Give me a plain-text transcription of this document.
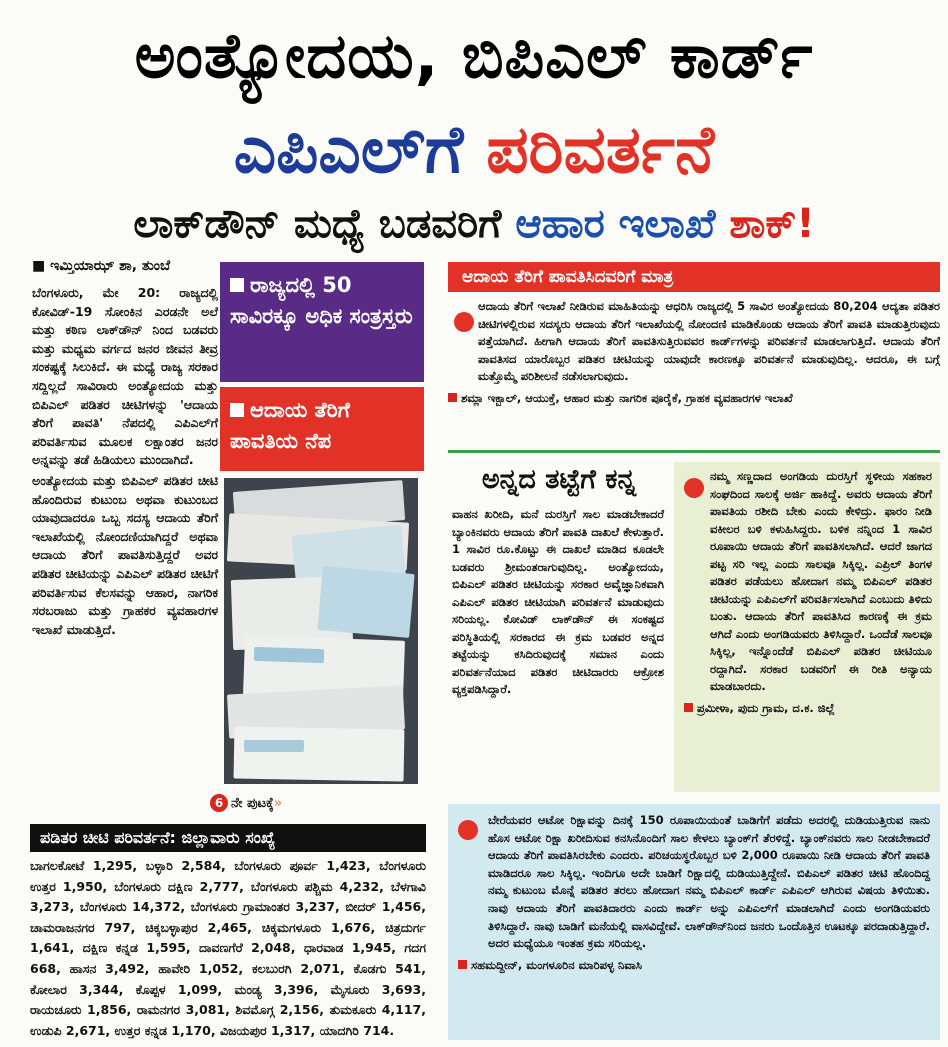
ಅಂತ್ಯೋದಯ, ಬಿಪಿಎಲ್ ಕಾರ್ಡ್
ಎಪಿಎಲ್‌ಗೆ ಪರಿವರ್ತನೆ
ಲಾಕ್‌ಡೌನ್ ಮಧ್ಯೆ ಬಡವರಿಗೆ ಆಹಾರ ಇಲಾಖೆ ಶಾಕ್!
■ ಇಮ್ತಿಯಾಝ್ ಶಾ, ತುಂಬೆ

ಬೆಂಗಳೂರು, ಮೇ 20: ರಾಜ್ಯದಲ್ಲಿ ಕೋವಿಡ್-19 ಸೋಂಕಿನ ಎರಡನೇ ಅಲೆ ಮತ್ತು ಕಠಿಣ ಲಾಕ್‌ಡೌನ್ ನಿಂದ ಬಡವರು ಮತ್ತು ಮಧ್ಯಮ ವರ್ಗದ ಜನರ ಜೀವನ ತೀವ್ರ ಸಂಕಷ್ಟಕ್ಕೆ ಸಿಲುಕಿದೆ. ಈ ಮಧ್ಯೆ ರಾಜ್ಯ ಸರಕಾರ ಸದ್ದಿಲ್ಲದೆ ಸಾವಿರಾರು ಅಂತ್ಯೋದಯ ಮತ್ತು ಬಿಪಿಎಲ್ ಪಡಿತರ ಚೀಟಿಗಳನ್ನು 'ಆದಾಯ ತೆರಿಗೆ ಪಾವತಿ' ನೆಪದಲ್ಲಿ ಎಪಿಎಲ್‌ಗೆ ಪರಿವರ್ತಿಸುವ ಮೂಲಕ ಲಕ್ಷಾಂತರ ಜನರ ಅನ್ನವನ್ನು ತಡೆ ಹಿಡಿಯಲು ಮುಂದಾಗಿದೆ.

ಅಂತ್ಯೋದಯ ಮತ್ತು ಬಿಪಿಎಲ್ ಪಡಿತರ ಚೀಟಿ ಹೊಂದಿರುವ ಕುಟುಂಬ ಅಥವಾ ಕುಟುಂಬದ ಯಾವುದಾದರೂ ಒಬ್ಬ ಸದಸ್ಯ ಆದಾಯ ತೆರಿಗೆ ಇಲಾಖೆಯಲ್ಲಿ ನೋಂದಣಿಯಾಗಿದ್ದರೆ ಅಥವಾ ಆದಾಯ ತೆರಿಗೆ ಪಾವತಿಸುತ್ತಿದ್ದರೆ ಅವರ ಪಡಿತರ ಚೀಟಿಯನ್ನು ಎಪಿಎಲ್ ಪಡಿತರ ಚೀಟಿಗೆ ಪರಿವರ್ತಿಸುವ ಕೆಲಸವನ್ನು ಆಹಾರ, ನಾಗರಿಕ ಸರಬರಾಜು ಮತ್ತು ಗ್ರಾಹಕರ ವ್ಯವಹಾರಗಳ ಇಲಾಖೆ ಮಾಡುತ್ತಿದೆ.

6 ನೇ ಪುಟಕ್ಕೆ»
ರಾಜ್ಯದಲ್ಲಿ 50 ಸಾವಿರಕ್ಕೂ ಅಧಿಕ ಸಂತ್ರಸ್ತರು
ಆದಾಯ ತೆರಿಗೆ ಪಾವತಿಯ ನೆಪ
ಆದಾಯ ತೆರಿಗೆ ಪಾವತಿಸಿದವರಿಗೆ ಮಾತ್ರ
ಆದಾಯ ತೆರಿಗೆ ಇಲಾಖೆ ನೀಡಿರುವ ಮಾಹಿತಿಯನ್ನು ಆಧರಿಸಿ ರಾಜ್ಯದಲ್ಲಿ 5 ಸಾವಿರ ಅಂತ್ಯೋದಯ 80,204 ಆದ್ಯತಾ ಪಡಿತರ ಚೀಟಿಗಳಲ್ಲಿರುವ ಸದಸ್ಯರು ಆದಾಯ ತೆರಿಗೆ ಇಲಾಖೆಯಲ್ಲಿ ನೋಂದಣಿ ಮಾಡಿಕೊಂಡು ಆದಾಯ ತೆರಿಗೆ ಪಾವತಿ ಮಾಡುತ್ತಿರುವುದು ಪತ್ತೆಯಾಗಿದೆ. ಹೀಗಾಗಿ ಆದಾಯ ತೆರಿಗೆ ಪಾವತಿಸುತ್ತಿರುವವರ ಕಾರ್ಡ್‌ಗಳನ್ನು ಪರಿವರ್ತನೆ ಮಾಡಲಾಗುತ್ತಿದೆ. ಆದಾಯ ತೆರಿಗೆ ಪಾವತಿಸದ ಯಾರೊಬ್ಬರ ಪಡಿತರ ಚೀಟಿಯನ್ನು ಯಾವುದೇ ಕಾರಣಕ್ಕೂ ಪರಿವರ್ತನೆ ಮಾಡುವುದಿಲ್ಲ. ಆದರೂ, ಈ ಬಗ್ಗೆ ಮತ್ತೊಮ್ಮೆ ಪರಿಶೀಲನೆ ನಡೆಸಲಾಗುವುದು.
ಶಮ್ಲಾ ಇಕ್ಬಾಲ್, ಆಯುಕ್ತೆ, ಆಹಾರ ಮತ್ತು ನಾಗರಿಕ ಪೂರೈಕೆ, ಗ್ರಾಹಕ ವ್ಯವಹಾರಗಳ ಇಲಾಖೆ
ಅನ್ನದ ತಟ್ಟೆಗೆ ಕನ್ನ
ವಾಹನ ಖರೀದಿ, ಮನೆ ದುರಸ್ತಿಗೆ ಸಾಲ ಮಾಡಬೇಕಾದರೆ ಬ್ಯಾಂಕಿನವರು ಆದಾಯ ತೆರಿಗೆ ಪಾವತಿ ದಾಖಲೆ ಕೇಳುತ್ತಾರೆ. 1 ಸಾವಿರ ರೂ.ಕೊಟ್ಟು ಈ ದಾಖಲೆ ಮಾಡಿದ ಕೂಡಲೇ ಬಡವರು ಶ್ರೀಮಂತರಾಗುವುದಿಲ್ಲ. ಅಂತ್ಯೋದಯ, ಬಿಪಿಎಲ್ ಪಡಿತರ ಚೀಟಿಯನ್ನು ಸರಕಾರ ಅವೈಜ್ಞಾನಿಕವಾಗಿ ಎಪಿಎಲ್ ಪಡಿತರ ಚೀಟಿಯಾಗಿ ಪರಿವರ್ತನೆ ಮಾಡುವುದು ಸರಿಯಲ್ಲ. ಕೋವಿಡ್ ಲಾಕ್‌ಡೌನ್ ಈ ಸಂಕಷ್ಟದ ಪರಿಸ್ಥಿತಿಯಲ್ಲಿ ಸರಕಾರದ ಈ ಕ್ರಮ ಬಡವರ ಅನ್ನದ ತಟ್ಟೆಯನ್ನು ಕಸಿದಿರುವುದಕ್ಕೆ ಸಮಾನ ಎಂದು ಪರಿವರ್ತನೆಯಾದ ಪಡಿತರ ಚೀಟಿದಾರರು ಆಕ್ರೋಶ ವ್ಯಕ್ತಪಡಿಸಿದ್ದಾರೆ.
ನಮ್ಮ ಸಣ್ಣದಾದ ಅಂಗಡಿಯ ದುರಸ್ತಿಗೆ ಸ್ಥಳೀಯ ಸಹಕಾರ ಸಂಘದಿಂದ ಸಾಲಕ್ಕೆ ಅರ್ಜಿ ಹಾಕಿದ್ದೆ. ಅವರು ಆದಾಯ ತೆರಿಗೆ ಪಾವತಿಯ ರಶೀದಿ ಬೇಕು ಎಂದು ಕೇಳಿದ್ರು. ಫಾರಂ ನೀಡಿ ವಕೀಲರ ಬಳಿ ಕಳುಹಿಸಿದ್ದರು. ಬಳಿಕ ನನ್ನಿಂದ 1 ಸಾವಿರ ರೂಪಾಯಿ ಆದಾಯ ತೆರಿಗೆ ಪಾವತಿಸಲಾಗಿದೆ. ಆದರೆ ಜಾಗದ ಪಟ್ಟ ಸರಿ ಇಲ್ಲ ಎಂದು ಸಾಲವೂ ಸಿಕ್ಕಿಲ್ಲ. ಎಪ್ರಿಲ್ ತಿಂಗಳ ಪಡಿತರ ಪಡೆಯಲು ಹೋದಾಗ ನಮ್ಮ ಬಿಪಿಎಲ್ ಪಡಿತರ ಚೀಟಿಯನ್ನು ಎಪಿಎಲ್‌ಗೆ ಪರಿವರ್ತಿಸಲಾಗಿದೆ ಎಂಬುದು ತಿಳಿದು ಬಂತು. ಆದಾಯ ತೆರಿಗೆ ಪಾವತಿಸಿದ ಕಾರಣಕ್ಕೆ ಈ ಕ್ರಮ ಆಗಿದೆ ಎಂದು ಅಂಗಡಿಯವರು ತಿಳಿಸಿದ್ದಾರೆ. ಒಂದೆಡೆ ಸಾಲವೂ ಸಿಕ್ಕಿಲ್ಲ, ಇನ್ನೊಂದೆಡೆ ಬಿಪಿಎಲ್ ಪಡಿತರ ಚೀಟಿಯೂ ರದ್ದಾಗಿದೆ. ಸರಕಾರ ಬಡವರಿಗೆ ಈ ರೀತಿ ಅನ್ಯಾಯ ಮಾಡಬಾರದು.
ಪ್ರಮೀಳಾ, ಪುದು ಗ್ರಾಮ, ದ.ಕ. ಜಿಲ್ಲೆ
ಬೇರೆಯವರ ಆಟೋ ರಿಕ್ಷಾವನ್ನು ದಿನಕ್ಕೆ 150 ರೂಪಾಯಿಯಂತೆ ಬಾಡಿಗೆಗೆ ಪಡೆದು ಅದರಲ್ಲಿ ದುಡಿಯುತ್ತಿರುವ ನಾನು ಹೊಸ ಆಟೋ ರಿಕ್ಷಾ ಖರೀದಿಸುವ ಕನಸಿನೊಂದಿಗೆ ಸಾಲ ಕೇಳಲು ಬ್ಯಾಂಕ್‌ಗೆ ತೆರಳಿದ್ದೆ. ಬ್ಯಾಂಕ್‌ನವರು ಸಾಲ ನೀಡಬೇಕಾದರೆ ಆದಾಯ ತೆರಿಗೆ ಪಾವತಿಸಿರಬೇಕು ಎಂದರು. ಪರಿಚಯಸ್ಥರೊಬ್ಬರ ಬಳಿ 2,000 ರೂಪಾಯಿ ನೀಡಿ ಆದಾಯ ತೆರಿಗೆ ಪಾವತಿ ಮಾಡಿದರೂ ಸಾಲ ಸಿಕ್ಕಿಲ್ಲ. ಇಂದಿಗೂ ಅದೇ ಬಾಡಿಗೆ ರಿಕ್ಷಾದಲ್ಲಿ ದುಡಿಯುತ್ತಿದ್ದೇನೆ. ಬಿಪಿಎಲ್ ಪಡಿತರ ಚೀಟಿ ಹೊಂದಿದ್ದ ನಮ್ಮ ಕುಟುಂಬ ಮೊನ್ನೆ ಪಡಿತರ ತರಲು ಹೋದಾಗ ನಮ್ಮ ಬಿಪಿಎಲ್ ಕಾರ್ಡ್ ಎಪಿಎಲ್ ಆಗಿರುವ ವಿಷಯ ತಿಳಿಯಿತು. ನಾವು ಆದಾಯ ತೆರಿಗೆ ಪಾವತಿದಾರರು ಎಂದು ಕಾರ್ಡ್ ಅನ್ನು ಎಪಿಎಲ್‌ಗೆ ಮಾಡಲಾಗಿದೆ ಎಂದು ಅಂಗಡಿಯವರು ತಿಳಿಸಿದ್ದಾರೆ. ನಾವು ಬಾಡಿಗೆ ಮನೆಯಲ್ಲಿ ವಾಸವಿದ್ದೇವೆ. ಲಾಕ್‌ಡೌನ್‌ನಿಂದ ಜನರು ಒಂದೊತ್ತಿನ ಊಟಕ್ಕೂ ಪರದಾಡುತ್ತಿದ್ದಾರೆ. ಅದರ ಮಧ್ಯೆಯೂ ಇಂತಹ ಕ್ರಮ ಸರಿಯಲ್ಲ.
ಸಹಮದ್ದೀನ್, ಮಂಗಳೂರಿನ ಮಾರಿಪಳ್ಳ ನಿವಾಸಿ
ಪಡಿತರ ಚೀಟಿ ಪರಿವರ್ತನೆ: ಜಿಲ್ಲಾವಾರು ಸಂಖ್ಯೆ
ಬಾಗಲಕೋಟೆ 1,295, ಬಳ್ಳಾರಿ 2,584, ಬೆಂಗಳೂರು ಪೂರ್ವ 1,423, ಬೆಂಗಳೂರು ಉತ್ತರ 1,950, ಬೆಂಗಳೂರು ದಕ್ಷಿಣ 2,777, ಬೆಂಗಳೂರು ಪಶ್ಚಿಮ 4,232, ಬೆಳಗಾವಿ 3,273, ಬೆಂಗಳೂರು 14,372, ಬೆಂಗಳೂರು ಗ್ರಾಮಾಂತರ 3,237, ಬೀದರ್ 1,456, ಚಾಮರಾಜನಗರ 797, ಚಿಕ್ಕಬಳ್ಳಾಪುರ 2,465, ಚಿಕ್ಕಮಗಳೂರು 1,676, ಚಿತ್ರದುರ್ಗ 1,641, ದಕ್ಷಿಣ ಕನ್ನಡ 1,595, ದಾವಣಗೆರೆ 2,048, ಧಾರವಾಡ 1,945, ಗದಗ 668, ಹಾಸನ 3,492, ಹಾವೇರಿ 1,052, ಕಲಬುರಗಿ 2,071, ಕೊಡಗು 541, ಕೋಲಾರ 3,344, ಕೊಪ್ಪಳ 1,099, ಮಂಡ್ಯ 3,396, ಮೈಸೂರು 3,693, ರಾಯಚೂರು 1,856, ರಾಮನಗರ 3,081, ಶಿವಮೊಗ್ಗ 2,156, ತುಮಕೂರು 4,117, ಉಡುಪಿ 2,671, ಉತ್ತರ ಕನ್ನಡ 1,170, ವಿಜಯಪುರ 1,317, ಯಾದಗಿರಿ 714.
